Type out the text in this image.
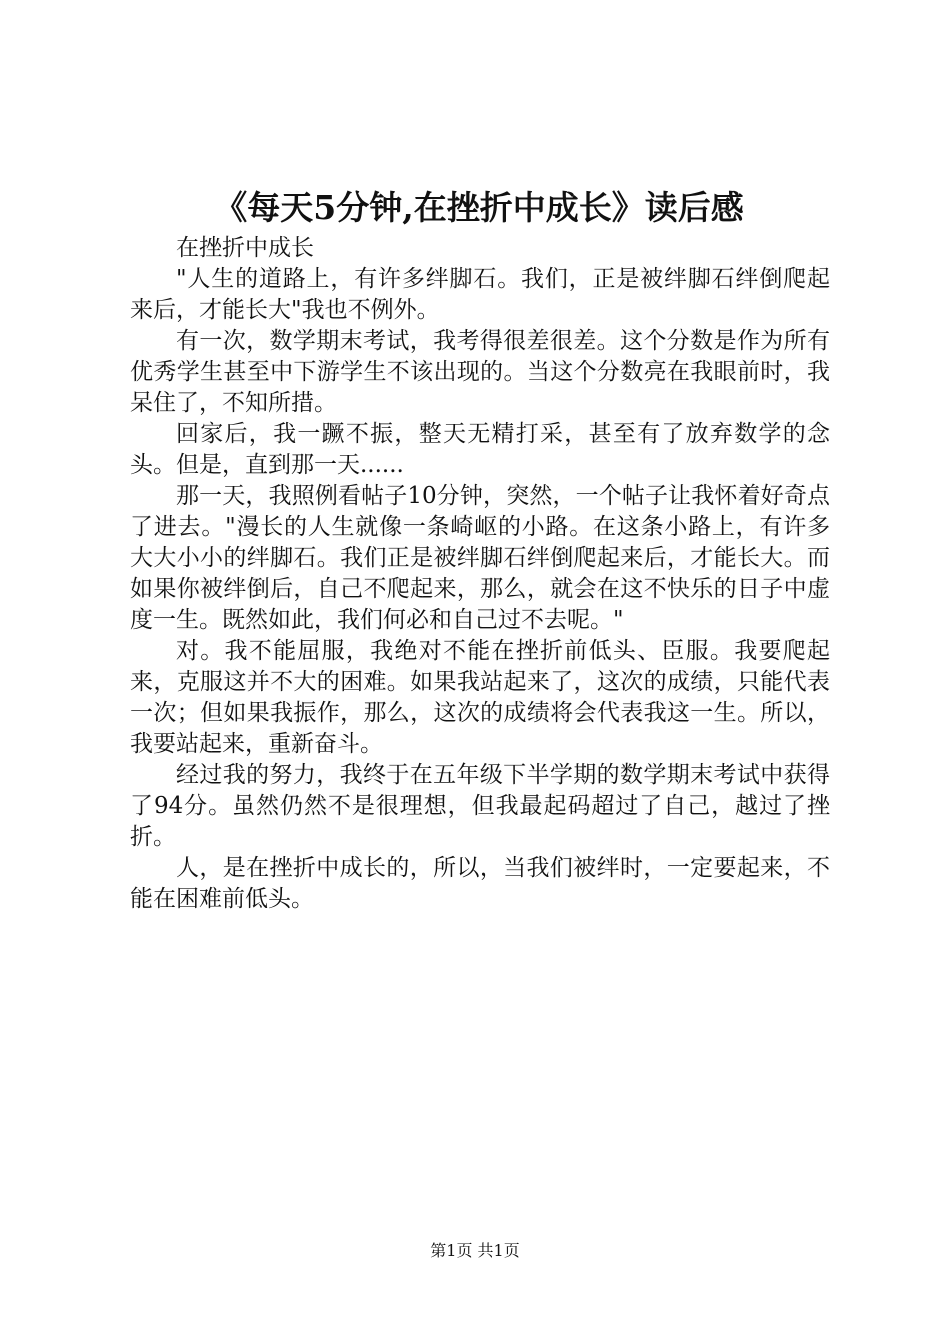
《每天5分钟,在挫折中成长》读后感

在挫折中成长

"人生的道路上，有许多绊脚石。我们，正是被绊脚石绊倒爬起来后，才能长大"我也不例外。

有一次，数学期末考试，我考得很差很差。这个分数是作为所有优秀学生甚至中下游学生不该出现的。当这个分数亮在我眼前时，我呆住了，不知所措。

回家后，我一蹶不振，整天无精打采，甚至有了放弃数学的念头。但是，直到那一天......

那一天，我照例看帖子10分钟，突然，一个帖子让我怀着好奇点了进去。"漫长的人生就像一条崎岖的小路。在这条小路上，有许多大大小小的绊脚石。我们正是被绊脚石绊倒爬起来后，才能长大。而如果你被绊倒后，自己不爬起来，那么，就会在这不快乐的日子中虚度一生。既然如此，我们何必和自己过不去呢。"

对。我不能屈服，我绝对不能在挫折前低头、臣服。我要爬起来，克服这并不大的困难。如果我站起来了，这次的成绩，只能代表一次；但如果我振作，那么，这次的成绩将会代表我这一生。所以，我要站起来，重新奋斗。

经过我的努力，我终于在五年级下半学期的数学期末考试中获得了94分。虽然仍然不是很理想，但我最起码超过了自己，越过了挫折。

人，是在挫折中成长的，所以，当我们被绊时，一定要起来，不能在困难前低头。

第1页 共1页
